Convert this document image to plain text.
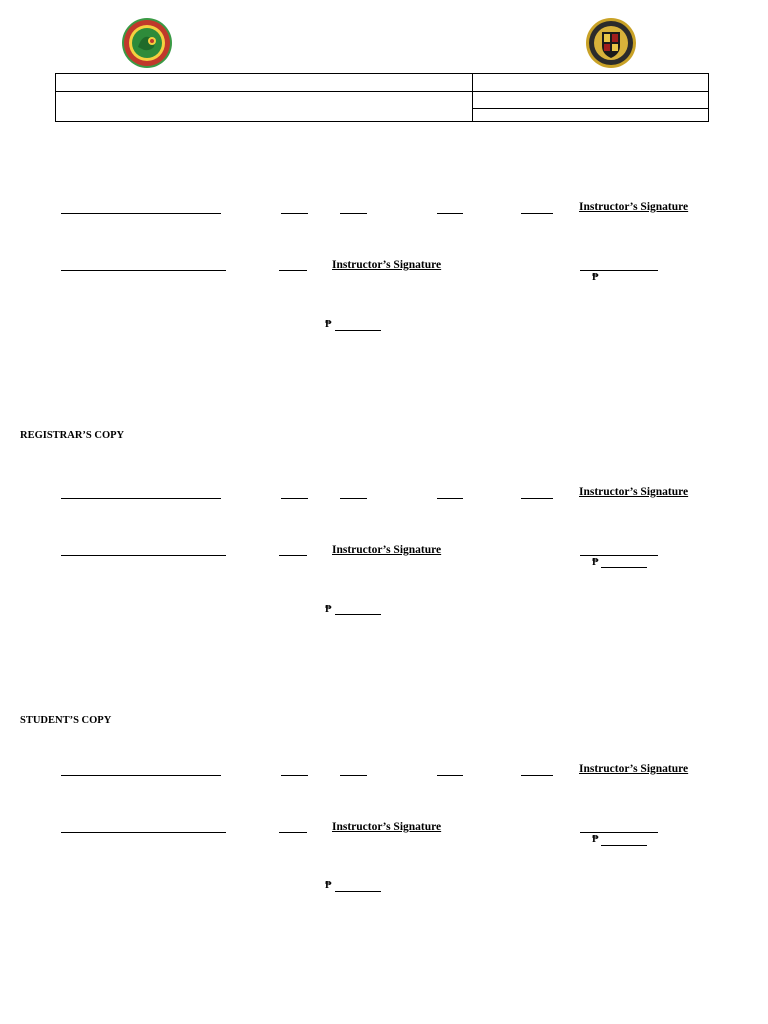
Instructor’s Signature
Instructor’s Signature
₱
₱
REGISTRAR’S COPY
Instructor’s Signature
Instructor’s Signature
₱
₱
STUDENT’S COPY
Instructor’s Signature
Instructor’s Signature
₱
₱
